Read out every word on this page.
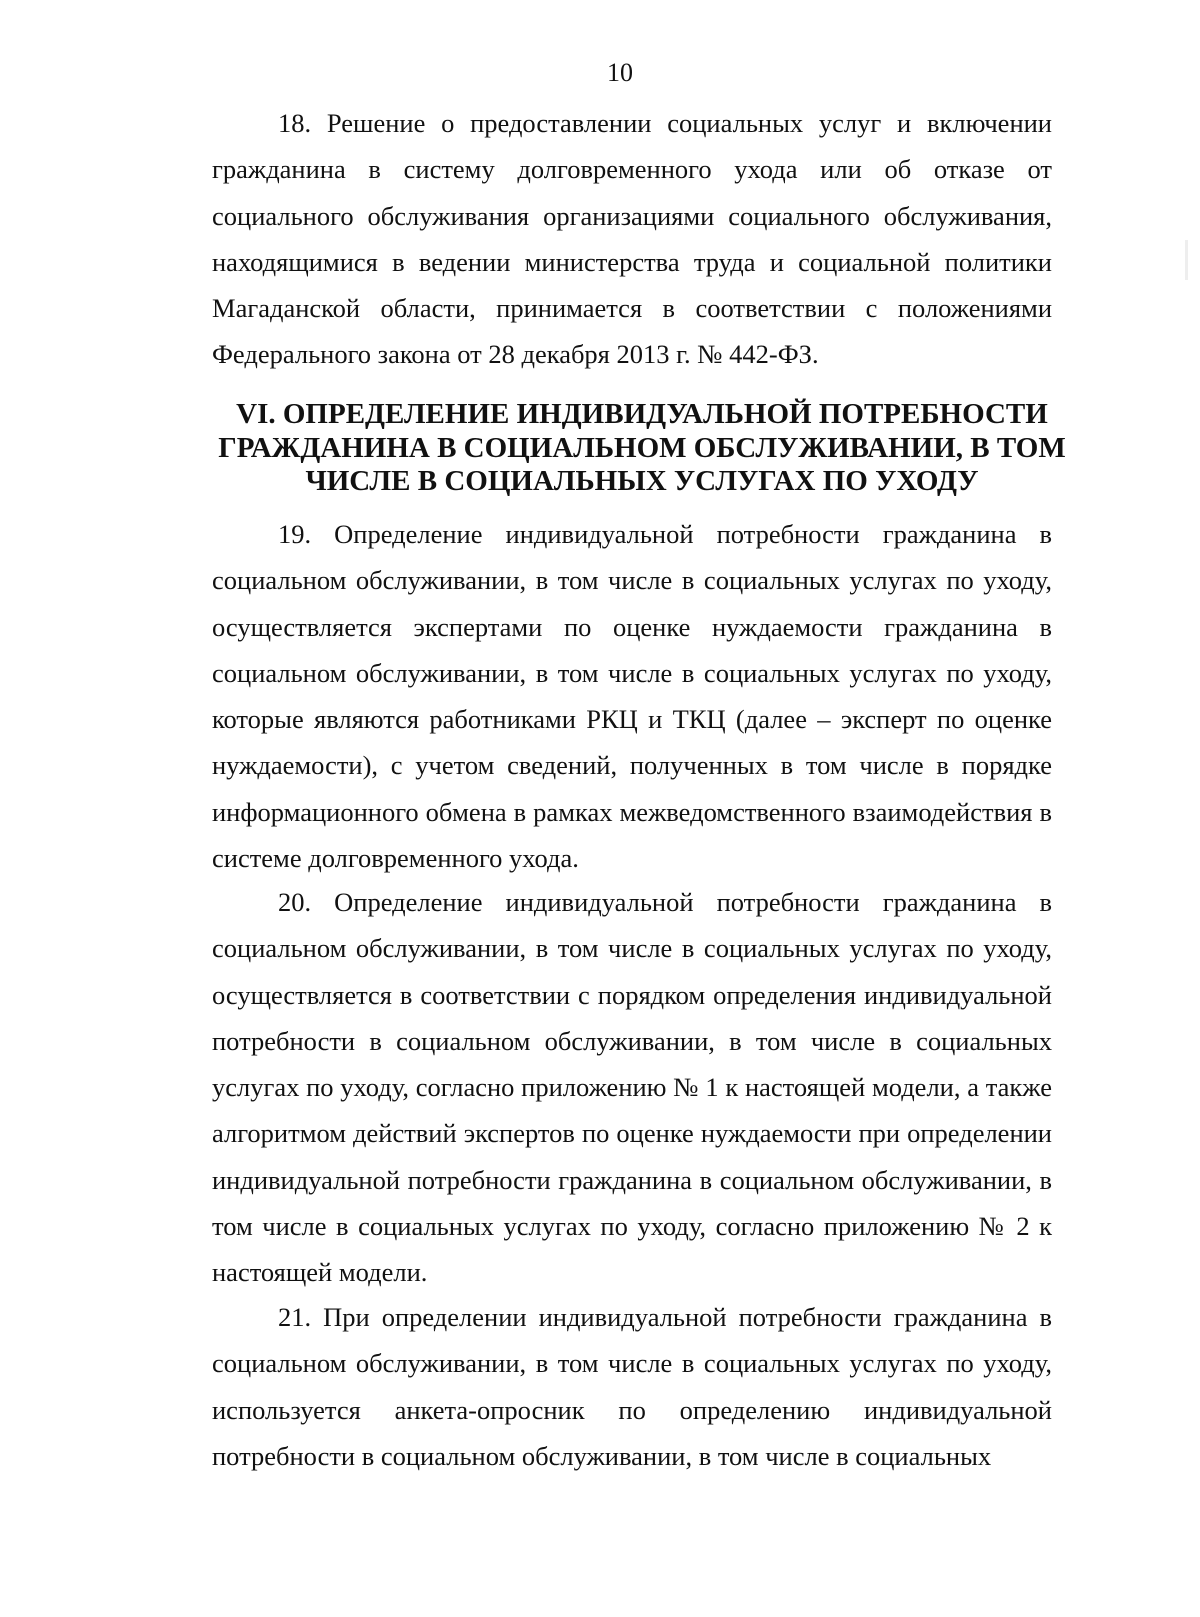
10

18. Решение о предоставлении социальных услуг и включении гражданина в систему долговременного ухода или об отказе от социального обслуживания организациями социального обслуживания, находящимися в ведении министерства труда и социальной политики Магаданской области, принимается в соответствии с положениями Федерального закона от 28 декабря 2013 г. № 442-ФЗ.

VI. ОПРЕДЕЛЕНИЕ ИНДИВИДУАЛЬНОЙ ПОТРЕБНОСТИ
ГРАЖДАНИНА В СОЦИАЛЬНОМ ОБСЛУЖИВАНИИ, В ТОМ
ЧИСЛЕ В СОЦИАЛЬНЫХ УСЛУГАХ ПО УХОДУ

19. Определение индивидуальной потребности гражданина в социальном обслуживании, в том числе в социальных услугах по уходу, осуществляется экспертами по оценке нуждаемости гражданина в социальном обслуживании, в том числе в социальных услугах по уходу, которые являются работниками РКЦ и ТКЦ (далее – эксперт по оценке нуждаемости), с учетом сведений, полученных в том числе в порядке информационного обмена в рамках межведомственного взаимодействия в системе долговременного ухода.

20. Определение индивидуальной потребности гражданина в социальном обслуживании, в том числе в социальных услугах по уходу, осуществляется в соответствии с порядком определения индивидуальной потребности в социальном обслуживании, в том числе в социальных услугах по уходу, согласно приложению № 1 к настоящей модели, а также алгоритмом действий экспертов по оценке нуждаемости при определении индивидуальной потребности гражданина в социальном обслуживании, в том числе в социальных услугах по уходу, согласно приложению № 2 к настоящей модели.

21. При определении индивидуальной потребности гражданина в социальном обслуживании, в том числе в социальных услугах по уходу, используется анкета-опросник по определению индивидуальной потребности в социальном обслуживании, в том числе в социальных
